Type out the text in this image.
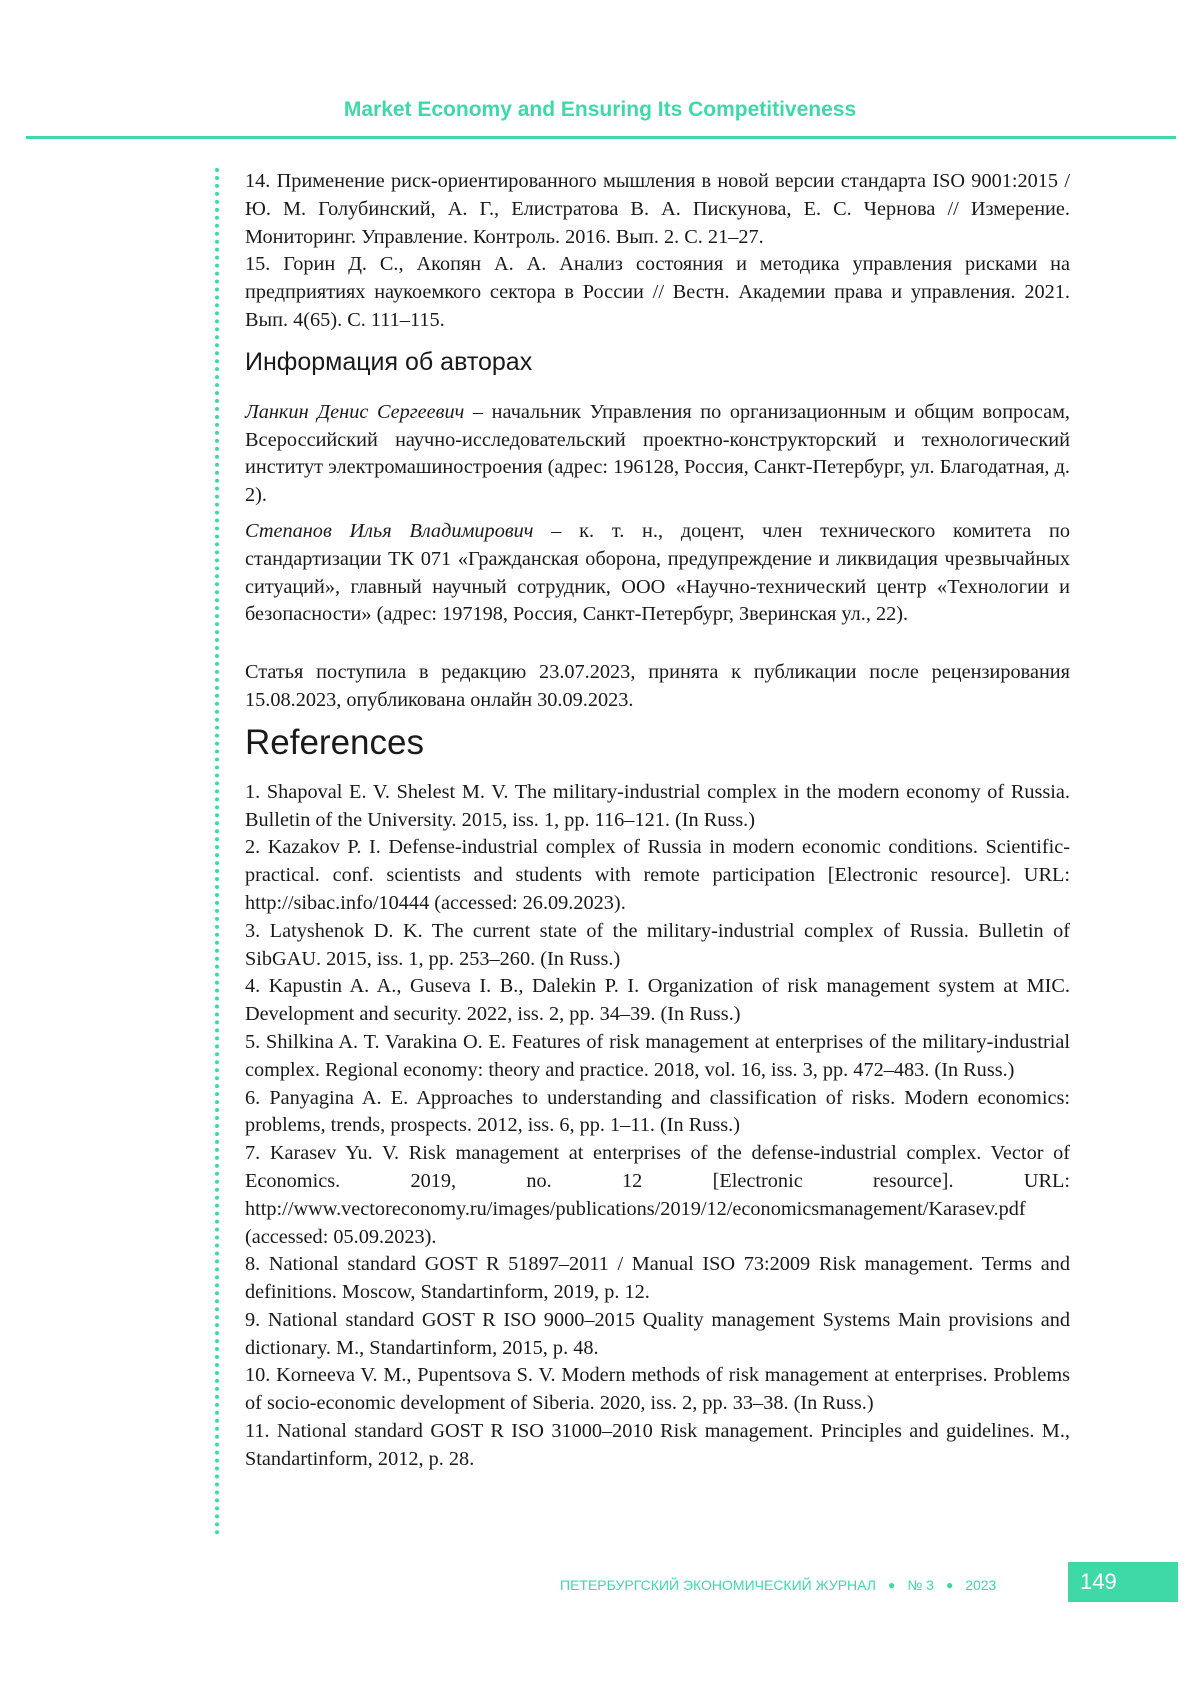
Market Economy and Ensuring Its Competitiveness

14. Применение риск-ориентированного мышления в новой версии стандарта ISO 9001:2015 / Ю. М. Голубинский, А. Г., Елистратова В. А. Пискунова, Е. С. Чернова // Измерение. Мониторинг. Управление. Контроль. 2016. Вып. 2. С. 21–27.

15. Горин Д. С., Акопян А. А. Анализ состояния и методика управления рисками на предприятиях наукоемкого сектора в России // Вестн. Академии права и управления. 2021. Вып. 4(65). С. 111–115.

Информация об авторах

Ланкин Денис Сергеевич – начальник Управления по организационным и общим вопросам, Всероссийский научно-исследовательский проектно-конструкторский и технологический институт электромашиностроения (адрес: 196128, Россия, Санкт-Петербург, ул. Благодатная, д. 2).

Степанов Илья Владимирович – к. т. н., доцент, член технического комитета по стандартизации ТК 071 «Гражданская оборона, предупреждение и ликвидация чрезвычайных ситуаций», главный научный сотрудник, ООО «Научно-технический центр «Технологии и безопасности» (адрес: 197198, Россия, Санкт-Петербург, Зверинская ул., 22).

Статья поступила в редакцию 23.07.2023, принята к публикации после рецензирования 15.08.2023, опубликована онлайн 30.09.2023.

References

1. Shapoval E. V. Shelest M. V. The military-industrial complex in the modern economy of Russia. Bulletin of the University. 2015, iss. 1, pp. 116–121. (In Russ.)

2. Kazakov P. I. Defense-industrial complex of Russia in modern economic conditions. Scientific-practical. conf. scientists and students with remote participation [Electronic resource]. URL: http://sibac.info/10444 (accessed: 26.09.2023).

3. Latyshenok D. K. The current state of the military-industrial complex of Russia. Bulletin of SibGAU. 2015, iss. 1, pp. 253–260. (In Russ.)

4. Kapustin A. A., Guseva I. B., Dalekin P. I. Organization of risk management system at MIC. Development and security. 2022, iss. 2, pp. 34–39. (In Russ.)

5. Shilkina A. T. Varakina O. E. Features of risk management at enterprises of the military-industrial complex. Regional economy: theory and practice. 2018, vol. 16, iss. 3, pp. 472–483. (In Russ.)

6. Panyagina A. E. Approaches to understanding and classification of risks. Modern economics: problems, trends, prospects. 2012, iss. 6, pp. 1–11. (In Russ.)

7. Karasev Yu. V. Risk management at enterprises of the defense-industrial complex. Vector of Economics. 2019, no. 12 [Electronic resource]. URL: http://www.vectoreconomy.ru/images/publications/2019/12/economicsmanagement/Karasev.pdf (accessed: 05.09.2023).

8. National standard GOST R 51897–2011 / Manual ISO 73:2009 Risk management. Terms and definitions. Moscow, Standartinform, 2019, p. 12.

9. National standard GOST R ISO 9000–2015 Quality management Systems Main provisions and dictionary. M., Standartinform, 2015, p. 48.

10. Korneeva V. M., Pupentsova S. V. Modern methods of risk management at enterprises. Problems of socio-economic development of Siberia. 2020, iss. 2, pp. 33–38. (In Russ.)

11. National standard GOST R ISO 31000–2010 Risk management. Principles and guidelines. M., Standartinform, 2012, p. 28.

ПЕТЕРБУРГСКИЙ ЭКОНОМИЧЕСКИЙ ЖУРНАЛ ● № 3 ● 2023	149
